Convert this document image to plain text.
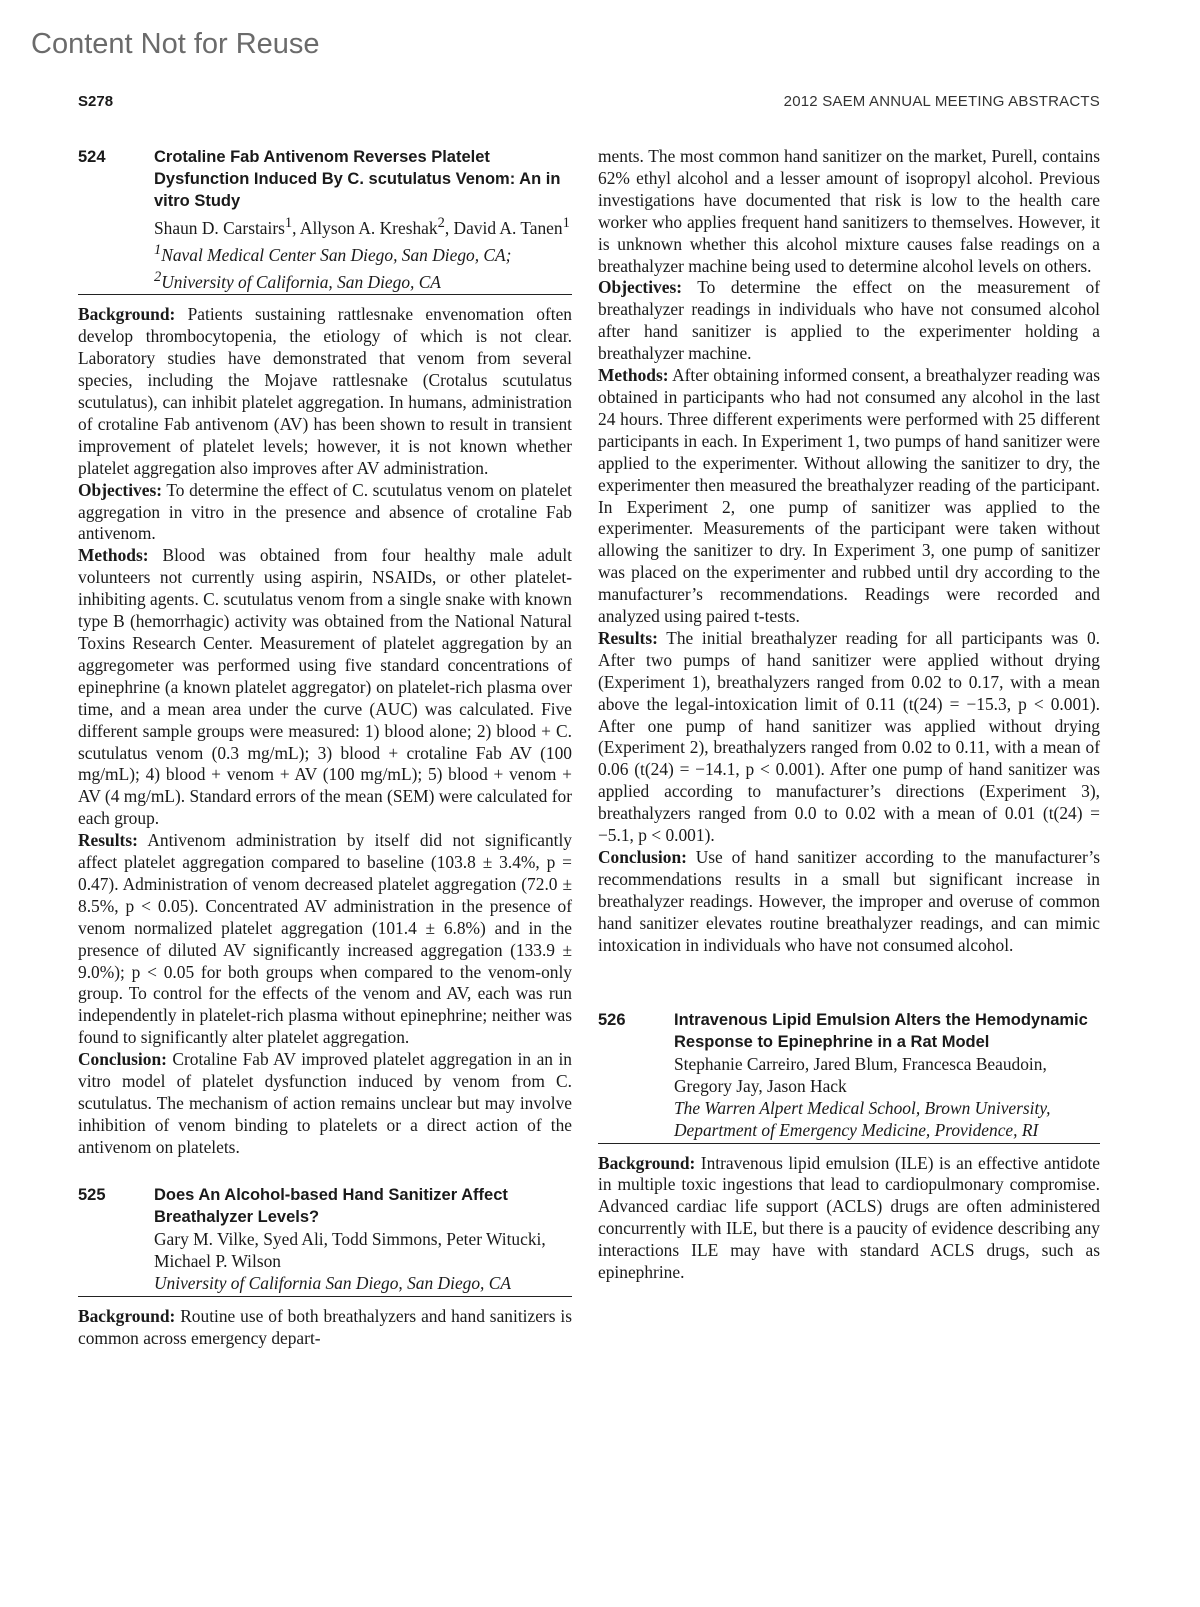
Content Not for Reuse
S278	2012 SAEM ANNUAL MEETING ABSTRACTS
524	Crotaline Fab Antivenom Reverses Platelet Dysfunction Induced By C. scutulatus Venom: An in vitro Study
Shaun D. Carstairs$^1$, Allyson A. Kreshak$^2$, David A. Tanen$^1$
$^1$Naval Medical Center San Diego, San Diego, CA; $^2$University of California, San Diego, CA

Background: Patients sustaining rattlesnake envenomation often develop thrombocytopenia, the etiology of which is not clear. Laboratory studies have demonstrated that venom from several species, including the Mojave rattlesnake (Crotalus scutulatus scutulatus), can inhibit platelet aggregation. In humans, administration of crotaline Fab antivenom (AV) has been shown to result in transient improvement of platelet levels; however, it is not known whether platelet aggregation also improves after AV administration.

Objectives: To determine the effect of C. scutulatus venom on platelet aggregation in vitro in the presence and absence of crotaline Fab antivenom.

Methods: Blood was obtained from four healthy male adult volunteers not currently using aspirin, NSAIDs, or other platelet-inhibiting agents. C. scutulatus venom from a single snake with known type B (hemorrhagic) activity was obtained from the National Natural Toxins Research Center. Measurement of platelet aggregation by an aggregometer was performed using five standard concentrations of epinephrine (a known platelet aggregator) on platelet-rich plasma over time, and a mean area under the curve (AUC) was calculated. Five different sample groups were measured: 1) blood alone; 2) blood + C. scutulatus venom (0.3 mg/mL); 3) blood + crotaline Fab AV (100 mg/mL); 4) blood + venom + AV (100 mg/mL); 5) blood + venom + AV (4 mg/mL). Standard errors of the mean (SEM) were calculated for each group.

Results: Antivenom administration by itself did not significantly affect platelet aggregation compared to baseline (103.8 ± 3.4%, p = 0.47). Administration of venom decreased platelet aggregation (72.0 ± 8.5%, p < 0.05). Concentrated AV administration in the presence of venom normalized platelet aggregation (101.4 ± 6.8%) and in the presence of diluted AV significantly increased aggregation (133.9 ± 9.0%); p < 0.05 for both groups when compared to the venom-only group. To control for the effects of the venom and AV, each was run independently in platelet-rich plasma without epinephrine; neither was found to significantly alter platelet aggregation.

Conclusion: Crotaline Fab AV improved platelet aggregation in an in vitro model of platelet dysfunction induced by venom from C. scutulatus. The mechanism of action remains unclear but may involve inhibition of venom binding to platelets or a direct action of the antivenom on platelets.

525	Does An Alcohol-based Hand Sanitizer Affect Breathalyzer Levels?
Gary M. Vilke, Syed Ali, Todd Simmons, Peter Witucki, Michael P. Wilson
University of California San Diego, San Diego, CA

Background: Routine use of both breathalyzers and hand sanitizers is common across emergency depart-

ments. The most common hand sanitizer on the market, Purell, contains 62% ethyl alcohol and a lesser amount of isopropyl alcohol. Previous investigations have documented that risk is low to the health care worker who applies frequent hand sanitizers to themselves. However, it is unknown whether this alcohol mixture causes false readings on a breathalyzer machine being used to determine alcohol levels on others.

Objectives: To determine the effect on the measurement of breathalyzer readings in individuals who have not consumed alcohol after hand sanitizer is applied to the experimenter holding a breathalyzer machine.

Methods: After obtaining informed consent, a breathalyzer reading was obtained in participants who had not consumed any alcohol in the last 24 hours. Three different experiments were performed with 25 different participants in each. In Experiment 1, two pumps of hand sanitizer were applied to the experimenter. Without allowing the sanitizer to dry, the experimenter then measured the breathalyzer reading of the participant. In Experiment 2, one pump of sanitizer was applied to the experimenter. Measurements of the participant were taken without allowing the sanitizer to dry. In Experiment 3, one pump of sanitizer was placed on the experimenter and rubbed until dry according to the manufacturer’s recommendations. Readings were recorded and analyzed using paired t-tests.

Results: The initial breathalyzer reading for all participants was 0. After two pumps of hand sanitizer were applied without drying (Experiment 1), breathalyzers ranged from 0.02 to 0.17, with a mean above the legal-intoxication limit of 0.11 (t(24) = −15.3, p < 0.001). After one pump of hand sanitizer was applied without drying (Experiment 2), breathalyzers ranged from 0.02 to 0.11, with a mean of 0.06 (t(24) = −14.1, p < 0.001). After one pump of hand sanitizer was applied according to manufacturer’s directions (Experiment 3), breathalyzers ranged from 0.0 to 0.02 with a mean of 0.01 (t(24) = −5.1, p < 0.001).

Conclusion: Use of hand sanitizer according to the manufacturer’s recommendations results in a small but significant increase in breathalyzer readings. However, the improper and overuse of common hand sanitizer elevates routine breathalyzer readings, and can mimic intoxication in individuals who have not consumed alcohol.

526	Intravenous Lipid Emulsion Alters the Hemodynamic Response to Epinephrine in a Rat Model
Stephanie Carreiro, Jared Blum, Francesca Beaudoin, Gregory Jay, Jason Hack
The Warren Alpert Medical School, Brown University, Department of Emergency Medicine, Providence, RI

Background: Intravenous lipid emulsion (ILE) is an effective antidote in multiple toxic ingestions that lead to cardiopulmonary compromise. Advanced cardiac life support (ACLS) drugs are often administered concurrently with ILE, but there is a paucity of evidence describing any interactions ILE may have with standard ACLS drugs, such as epinephrine.
